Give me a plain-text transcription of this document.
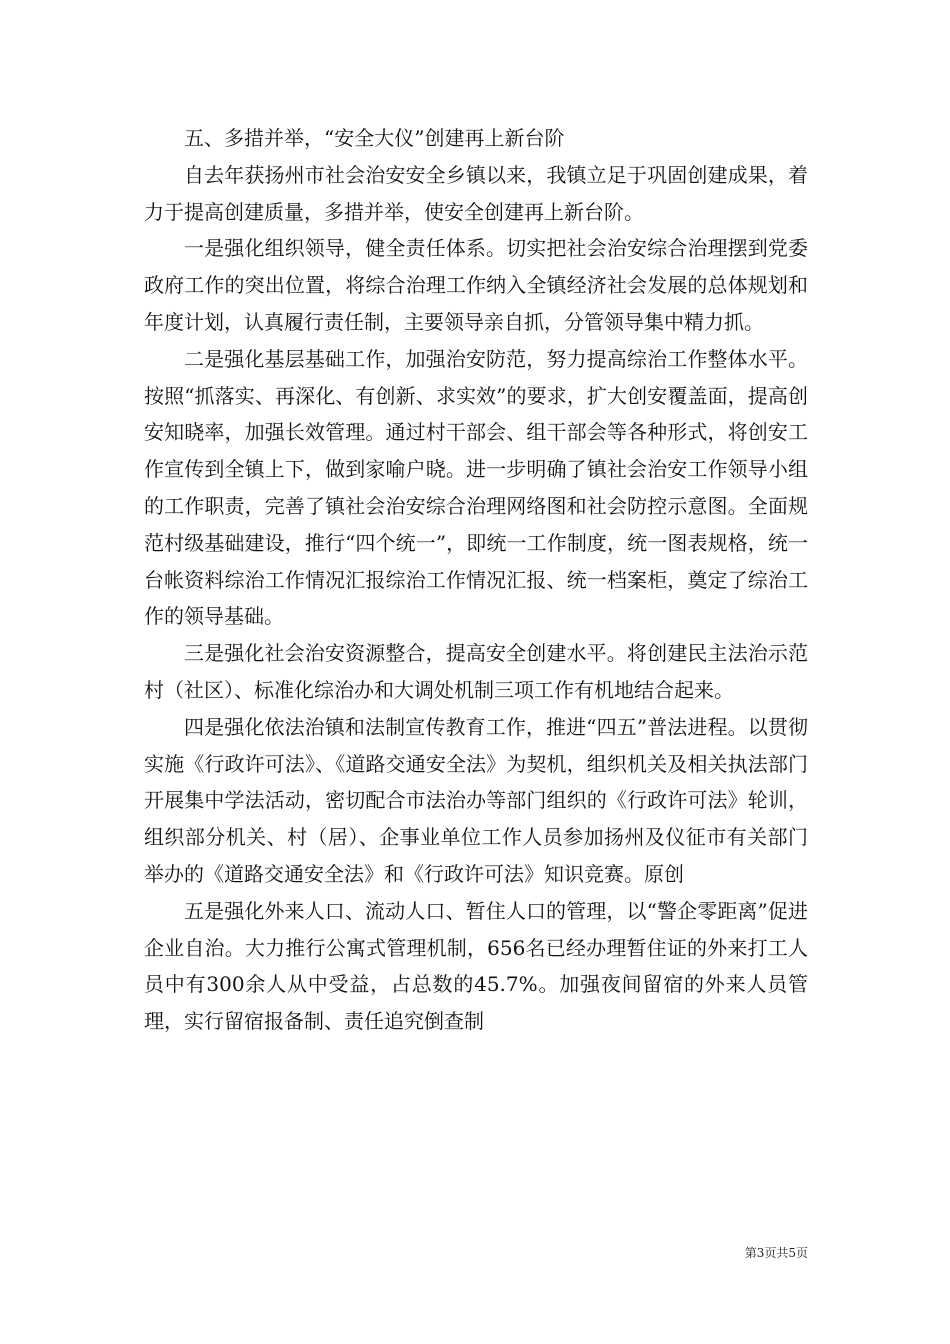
五、多措并举，“安全大仪”创建再上新台阶

自去年获扬州市社会治安安全乡镇以来，我镇立足于巩固创建成果，着力于提高创建质量，多措并举，使安全创建再上新台阶。

一是强化组织领导，健全责任体系。切实把社会治安综合治理摆到党委政府工作的突出位置，将综合治理工作纳入全镇经济社会发展的总体规划和年度计划，认真履行责任制，主要领导亲自抓，分管领导集中精力抓。

二是强化基层基础工作，加强治安防范，努力提高综治工作整体水平。按照“抓落实、再深化、有创新、求实效”的要求，扩大创安覆盖面，提高创安知晓率，加强长效管理。通过村干部会、组干部会等各种形式，将创安工作宣传到全镇上下，做到家喻户晓。进一步明确了镇社会治安工作领导小组的工作职责，完善了镇社会治安综合治理网络图和社会防控示意图。全面规范村级基础建设，推行“四个统一”，即统一工作制度，统一图表规格，统一台帐资料综治工作情况汇报综治工作情况汇报、统一档案柜，奠定了综治工作的领导基础。

三是强化社会治安资源整合，提高安全创建水平。将创建民主法治示范村（社区）、标准化综治办和大调处机制三项工作有机地结合起来。

四是强化依法治镇和法制宣传教育工作，推进“四五”普法进程。以贯彻实施《行政许可法》、《道路交通安全法》为契机，组织机关及相关执法部门开展集中学法活动，密切配合市法治办等部门组织的《行政许可法》轮训，组织部分机关、村（居）、企事业单位工作人员参加扬州及仪征市有关部门举办的《道路交通安全法》和《行政许可法》知识竞赛。原创

五是强化外来人口、流动人口、暂住人口的管理，以“警企零距离”促进企业自治。大力推行公寓式管理机制，656名已经办理暂住证的外来打工人员中有300余人从中受益，占总数的45.7%。加强夜间留宿的外来人员管理，实行留宿报备制、责任追究倒查制

第3页共5页
